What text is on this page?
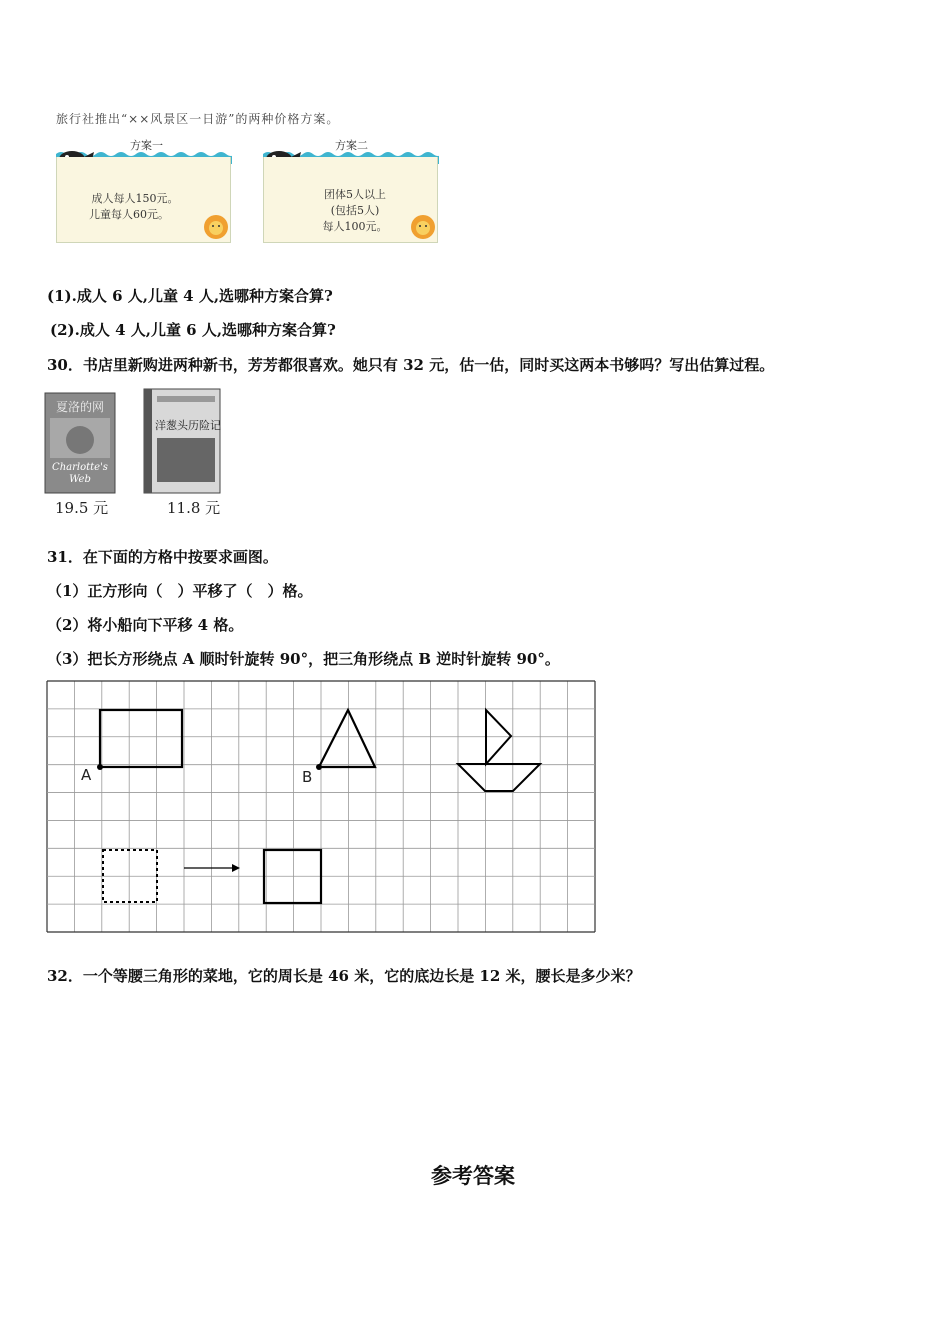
旅行社推出“××风景区一日游”的两种价格方案。
方案一
成人每人150元。
儿童每人60元。
方案二
团体5人以上
(包括5人)
每人100元。
(1).成人 6 人,儿童 4 人,选哪种方案合算?
(2).成人 4 人,儿童 6 人,选哪种方案合算?
30．书店里新购进两种新书，芳芳都很喜欢。她只有 32 元，估一估，同时买这两本书够吗？写出估算过程。
夏洛的网
Charlotte's Web
19.5 元
洋葱头历险记
11.8 元
31．在下面的方格中按要求画图。
（1）正方形向（　）平移了（　）格。
（2）将小船向下平移 4 格。
（3）把长方形绕点 A 顺时针旋转 90°，把三角形绕点 B 逆时针旋转 90°。
A	B
32．一个等腰三角形的菜地，它的周长是 46 米，它的底边长是 12 米，腰长是多少米？
参考答案
